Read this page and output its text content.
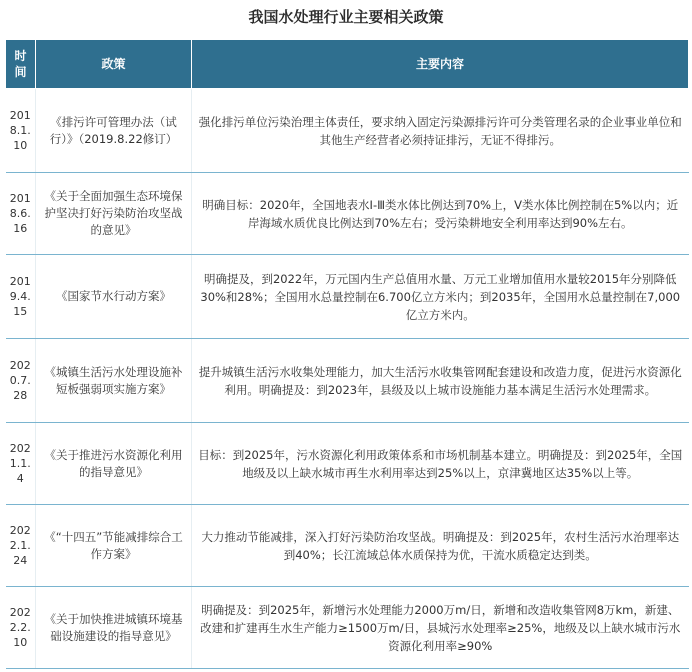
我国水处理行业主要相关政策
时间	政策	主要内容
2018.1.10	《排污许可管理办法（试行）》（2019.8.22修订）	强化排污单位污染治理主体责任，要求纳入固定污染源排污许可分类管理名录的企业事业单位和其他生产经营者必须持证排污，无证不得排污。
2018.6.16	《关于全面加强生态环境保护坚决打好污染防治攻坚战的意见》	明确目标：2020年，全国地表水Ⅰ-Ⅲ类水体比例达到70%上，V类水体比例控制在5%以内；近岸海域水质优良比例达到70%左右；受污染耕地安全利用率达到90%左右。
2019.4.15	《国家节水行动方案》	明确提及，到2022年，万元国内生产总值用水量、万元工业增加值用水量较2015年分别降低30%和28%；全国用水总量控制在6.700亿立方米内；到2035年，全国用水总量控制在7,000亿立方米内。
2020.7.28	《城镇生活污水处理设施补短板强弱项实施方案》	提升城镇生活污水收集处理能力，加大生活污水收集管网配套建设和改造力度，促进污水资源化利用。明确提及：到2023年，县级及以上城市设施能力基本满足生活污水处理需求。
2021.1.4	《关于推进污水资源化利用的指导意见》	目标：到2025年，污水资源化利用政策体系和市场机制基本建立。明确提及：到2025年，全国地级及以上缺水城市再生水利用率达到25%以上，京津冀地区达35%以上等。
2022.1.24	《“十四五”节能减排综合工作方案》	大力推动节能减排，深入打好污染防治攻坚战。明确提及：到2025年，农村生活污水治理率达到40%；长江流域总体水质保持为优，干流水质稳定达到类。
2022.2.10	《关于加快推进城镇环境基础设施建设的指导意见》	明确提及：到2025年，新增污水处理能力2000万m/日，新增和改造收集管网8万km，新建、改建和扩建再生水生产能力≥1500万m/日，县城污水处理率≥25%，地级及以上缺水城市污水资源化利用率≥90%
